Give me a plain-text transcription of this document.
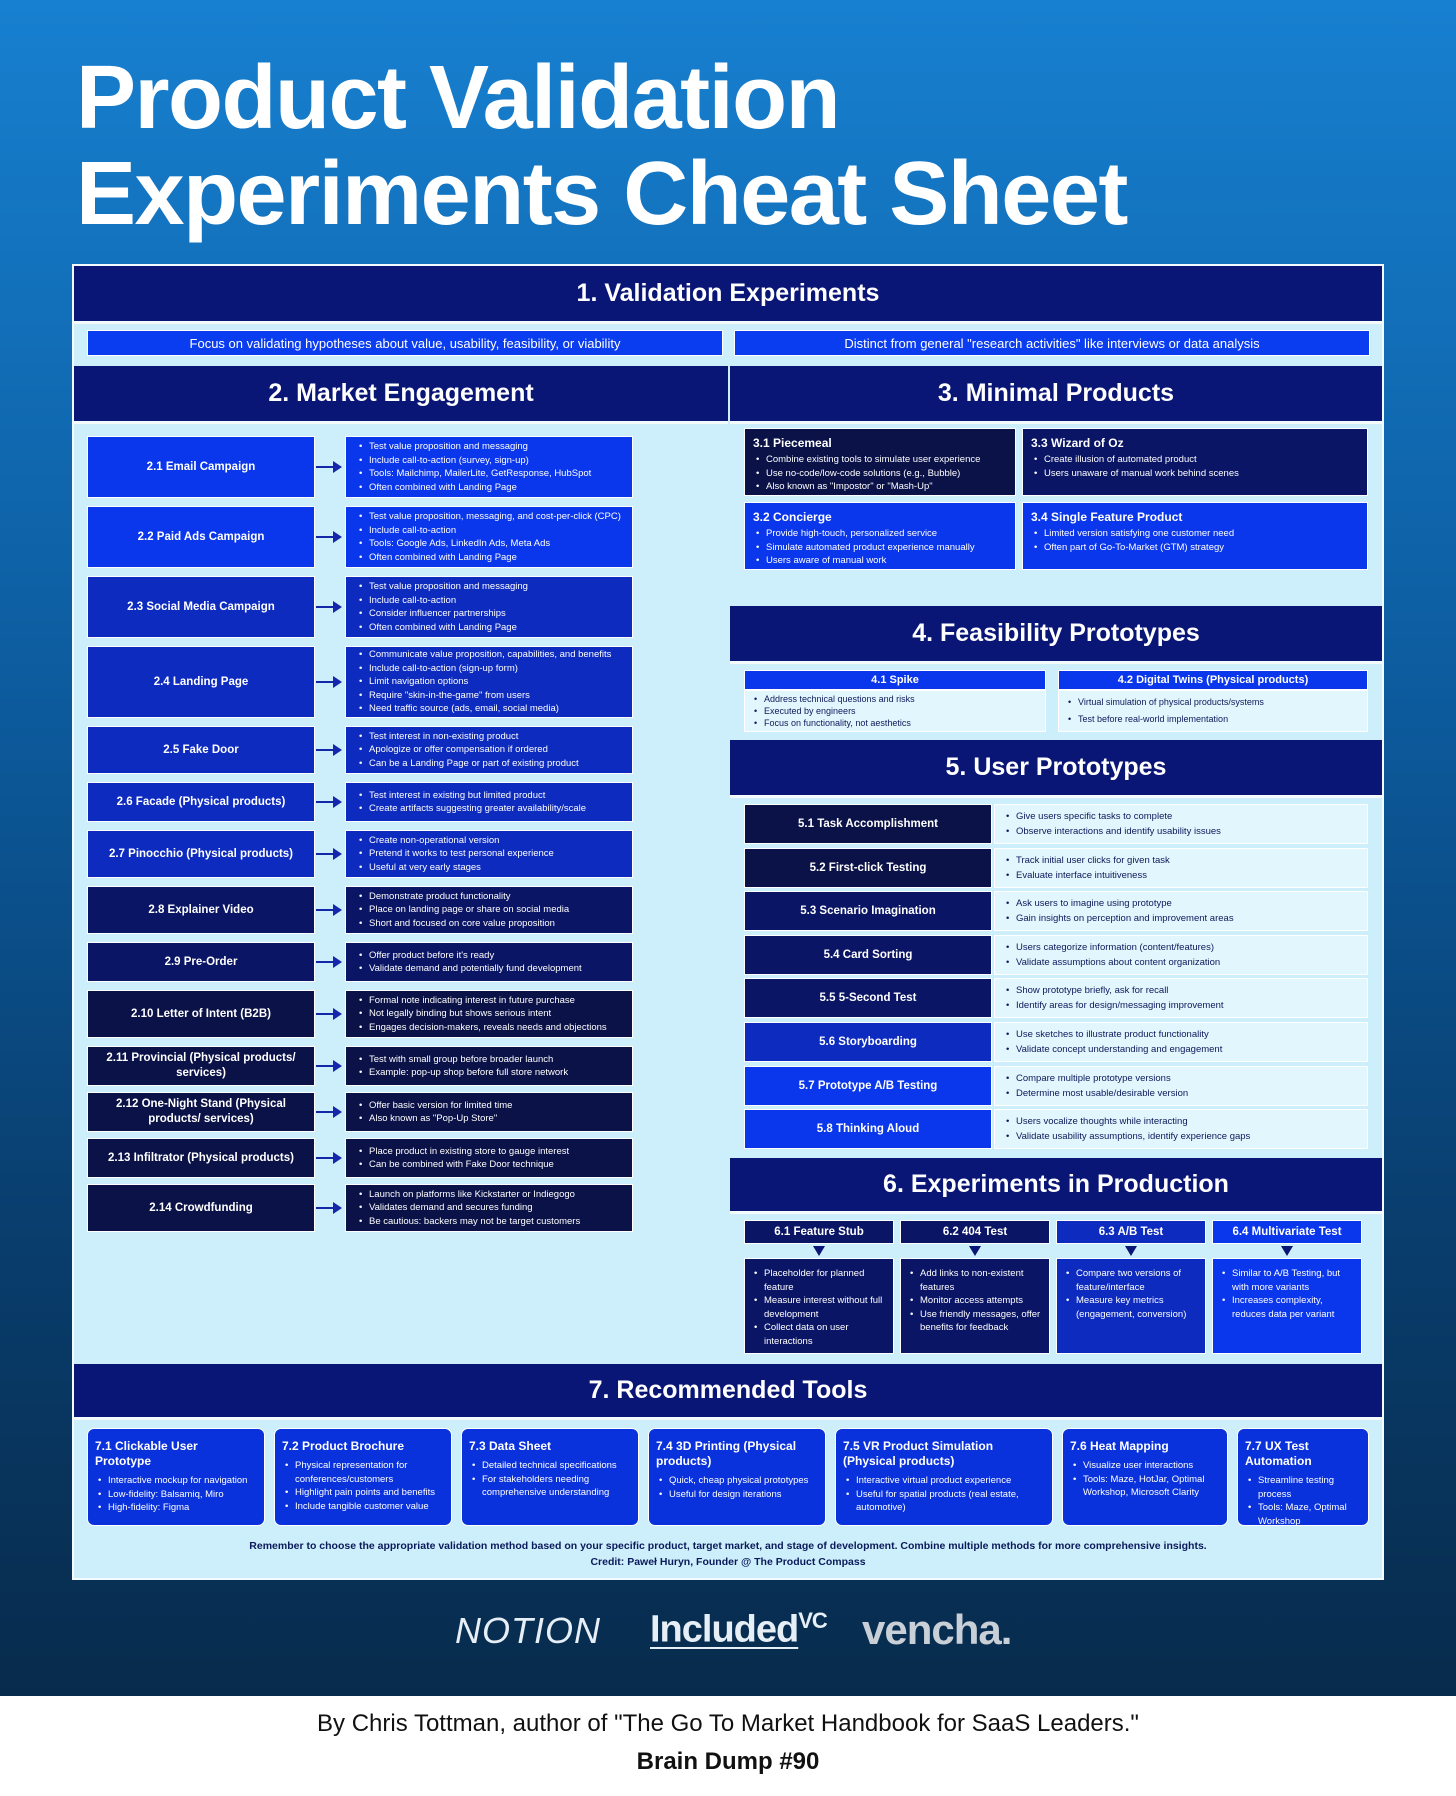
Product Validation
Experiments Cheat Sheet
1. Validation Experiments
Focus on validating hypotheses about value, usability, feasibility, or viability	Distinct from general "research activities" like interviews or data analysis
2. Market Engagement
2.1 Email Campaign
• Test value proposition and messaging
• Include call-to-action (survey, sign-up)
• Tools: Mailchimp, MailerLite, GetResponse, HubSpot
• Often combined with Landing Page
2.2 Paid Ads Campaign
• Test value proposition, messaging, and cost-per-click (CPC)
• Include call-to-action
• Tools: Google Ads, LinkedIn Ads, Meta Ads
• Often combined with Landing Page
2.3 Social Media Campaign
• Test value proposition and messaging
• Include call-to-action
• Consider influencer partnerships
• Often combined with Landing Page
2.4 Landing Page
• Communicate value proposition, capabilities, and benefits
• Include call-to-action (sign-up form)
• Limit navigation options
• Require "skin-in-the-game" from users
• Need traffic source (ads, email, social media)
2.5 Fake Door
• Test interest in non-existing product
• Apologize or offer compensation if ordered
• Can be a Landing Page or part of existing product
2.6 Facade (Physical products)
• Test interest in existing but limited product
• Create artifacts suggesting greater availability/scale
2.7 Pinocchio (Physical products)
• Create non-operational version
• Pretend it works to test personal experience
• Useful at very early stages
2.8 Explainer Video
• Demonstrate product functionality
• Place on landing page or share on social media
• Short and focused on core value proposition
2.9 Pre-Order
• Offer product before it's ready
• Validate demand and potentially fund development
2.10 Letter of Intent (B2B)
• Formal note indicating interest in future purchase
• Not legally binding but shows serious intent
• Engages decision-makers, reveals needs and objections
2.11 Provincial (Physical products/ services)
• Test with small group before broader launch
• Example: pop-up shop before full store network
2.12 One-Night Stand (Physical products/ services)
• Offer basic version for limited time
• Also known as "Pop-Up Store"
2.13 Infiltrator (Physical products)
• Place product in existing store to gauge interest
• Can be combined with Fake Door technique
2.14 Crowdfunding
• Launch on platforms like Kickstarter or Indiegogo
• Validates demand and secures funding
• Be cautious: backers may not be target customers
3. Minimal Products
3.1 Piecemeal
• Combine existing tools to simulate user experience
• Use no-code/low-code solutions (e.g., Bubble)
• Also known as "Impostor" or "Mash-Up"
3.3 Wizard of Oz
• Create illusion of automated product
• Users unaware of manual work behind scenes
3.2 Concierge
• Provide high-touch, personalized service
• Simulate automated product experience manually
• Users aware of manual work
3.4 Single Feature Product
• Limited version satisfying one customer need
• Often part of Go-To-Market (GTM) strategy
4. Feasibility Prototypes
4.1 Spike
• Address technical questions and risks
• Executed by engineers
• Focus on functionality, not aesthetics
4.2 Digital Twins (Physical products)
• Virtual simulation of physical products/systems
• Test before real-world implementation
5. User Prototypes
5.1 Task Accomplishment
• Give users specific tasks to complete
• Observe interactions and identify usability issues
5.2 First-click Testing
• Track initial user clicks for given task
• Evaluate interface intuitiveness
5.3 Scenario Imagination
• Ask users to imagine using prototype
• Gain insights on perception and improvement areas
5.4 Card Sorting
• Users categorize information (content/features)
• Validate assumptions about content organization
5.5 5-Second Test
• Show prototype briefly, ask for recall
• Identify areas for design/messaging improvement
5.6 Storyboarding
• Use sketches to illustrate product functionality
• Validate concept understanding and engagement
5.7 Prototype A/B Testing
• Compare multiple prototype versions
• Determine most usable/desirable version
5.8 Thinking Aloud
• Users vocalize thoughts while interacting
• Validate usability assumptions, identify experience gaps
6. Experiments in Production
6.1 Feature Stub
• Placeholder for planned feature
• Measure interest without full development
• Collect data on user interactions
6.2 404 Test
• Add links to non-existent features
• Monitor access attempts
• Use friendly messages, offer benefits for feedback
6.3 A/B Test
• Compare two versions of feature/interface
• Measure key metrics (engagement, conversion)
6.4 Multivariate Test
• Similar to A/B Testing, but with more variants
• Increases complexity, reduces data per variant
7. Recommended Tools
7.1 Clickable User Prototype
• Interactive mockup for navigation
• Low-fidelity: Balsamiq, Miro
• High-fidelity: Figma
7.2 Product Brochure
• Physical representation for conferences/customers
• Highlight pain points and benefits
• Include tangible customer value
7.3 Data Sheet
• Detailed technical specifications
• For stakeholders needing comprehensive understanding
7.4 3D Printing (Physical products)
• Quick, cheap physical prototypes
• Useful for design iterations
7.5 VR Product Simulation (Physical products)
• Interactive virtual product experience
• Useful for spatial products (real estate, automotive)
7.6 Heat Mapping
• Visualize user interactions
• Tools: Maze, HotJar, Optimal Workshop, Microsoft Clarity
7.7 UX Test Automation
• Streamline testing process
• Tools: Maze, Optimal Workshop
Remember to choose the appropriate validation method based on your specific product, target market, and stage of development. Combine multiple methods for more comprehensive insights.
Credit: Paweł Huryn, Founder @ The Product Compass
NOTION Included$^{VC}$ vencha.
By Chris Tottman, author of "The Go To Market Handbook for SaaS Leaders."
Brain Dump #90
